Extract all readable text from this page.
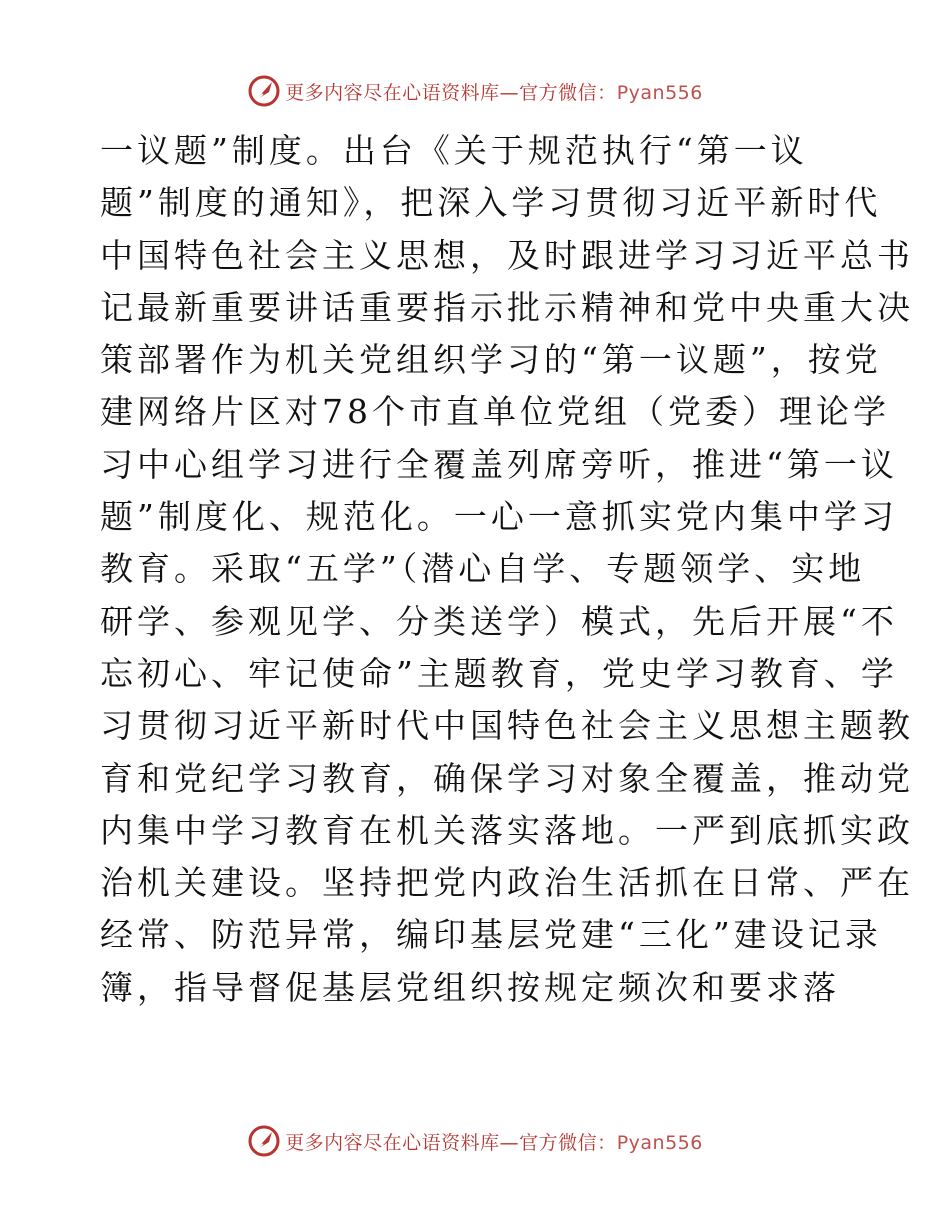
更多内容尽在心语资料库—官方微信：Pyan556
一议题”制度。出台《关于规范执行“第一议
题”制度的通知》，把深入学习贯彻习近平新时代
中国特色社会主义思想，及时跟进学习习近平总书
记最新重要讲话重要指示批示精神和党中央重大决
策部署作为机关党组织学习的“第一议题”，按党
建网络片区对78个市直单位党组（党委）理论学
习中心组学习进行全覆盖列席旁听，推进“第一议
题”制度化、规范化。一心一意抓实党内集中学习
教育。采取“五学”（潜心自学、专题领学、实地
研学、参观见学、分类送学）模式，先后开展“不
忘初心、牢记使命”主题教育，党史学习教育、学
习贯彻习近平新时代中国特色社会主义思想主题教
育和党纪学习教育，确保学习对象全覆盖，推动党
内集中学习教育在机关落实落地。一严到底抓实政
治机关建设。坚持把党内政治生活抓在日常、严在
经常、防范异常，编印基层党建“三化”建设记录
簿，指导督促基层党组织按规定频次和要求落
更多内容尽在心语资料库—官方微信：Pyan556
